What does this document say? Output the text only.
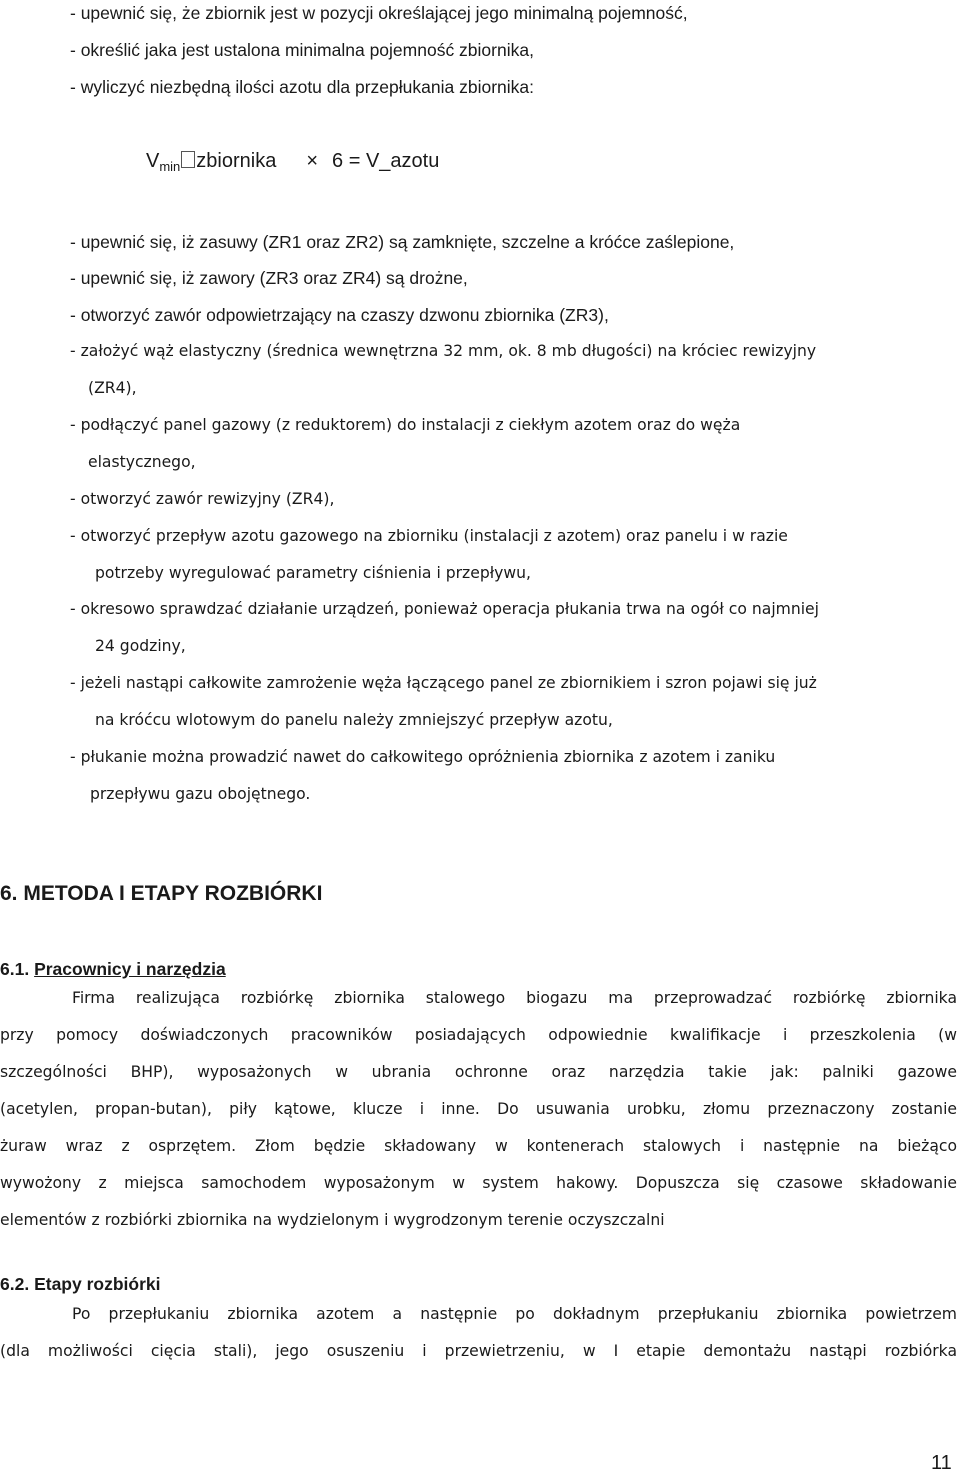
- upewnić się, że zbiornik jest w pozycji określającej jego minimalną pojemność,
- określić jaka jest ustalona minimalna pojemność zbiornika,
- wyliczyć niezbędną ilości azotu dla przepłukania zbiornika:
$V_{min}$ zbiornika × 6 = V_azotu
- upewnić się, iż zasuwy (ZR1 oraz ZR2) są zamknięte, szczelne a króćce zaślepione,
- upewnić się, iż zawory (ZR3 oraz ZR4) są drożne,
- otworzyć zawór odpowietrzający na czaszy dzwonu zbiornika (ZR3),
- założyć wąż elastyczny (średnica wewnętrzna 32 mm, ok. 8 mb długości) na króciec rewizyjny
(ZR4),
- podłączyć panel gazowy (z reduktorem) do instalacji z ciekłym azotem oraz do węża
elastycznego,
- otworzyć zawór rewizyjny (ZR4),
- otworzyć przepływ azotu gazowego na zbiorniku (instalacji z azotem) oraz panelu i w razie
potrzeby wyregulować parametry ciśnienia i przepływu,
- okresowo sprawdzać działanie urządzeń, ponieważ operacja płukania trwa na ogół co najmniej
24 godziny,
- jeżeli nastąpi całkowite zamrożenie węża łączącego panel ze zbiornikiem i szron pojawi się już
na króćcu wlotowym do panelu należy zmniejszyć przepływ azotu,
- płukanie można prowadzić nawet do całkowitego opróżnienia zbiornika z azotem i zaniku
przepływu gazu obojętnego.
6. METODA I ETAPY ROZBIÓRKI
6.1. Pracownicy i narzędzia
Firma realizująca rozbiórkę zbiornika stalowego biogazu ma przeprowadzać rozbiórkę zbiornika
przy pomocy doświadczonych pracowników posiadających odpowiednie kwalifikacje i przeszkolenia (w
szczególności BHP), wyposażonych w ubrania ochronne oraz narzędzia takie jak: palniki gazowe
(acetylen, propan-butan), piły kątowe, klucze i inne. Do usuwania urobku, złomu przeznaczony zostanie
żuraw wraz z osprzętem. Złom będzie składowany w kontenerach stalowych i następnie na bieżąco
wywożony z miejsca samochodem wyposażonym w system hakowy. Dopuszcza się czasowe składowanie
elementów z rozbiórki zbiornika na wydzielonym i wygrodzonym terenie oczyszczalni
6.2. Etapy rozbiórki
Po przepłukaniu zbiornika azotem a następnie po dokładnym przepłukaniu zbiornika powietrzem
(dla możliwości cięcia stali), jego osuszeniu i przewietrzeniu, w I etapie demontażu nastąpi rozbiórka
11
